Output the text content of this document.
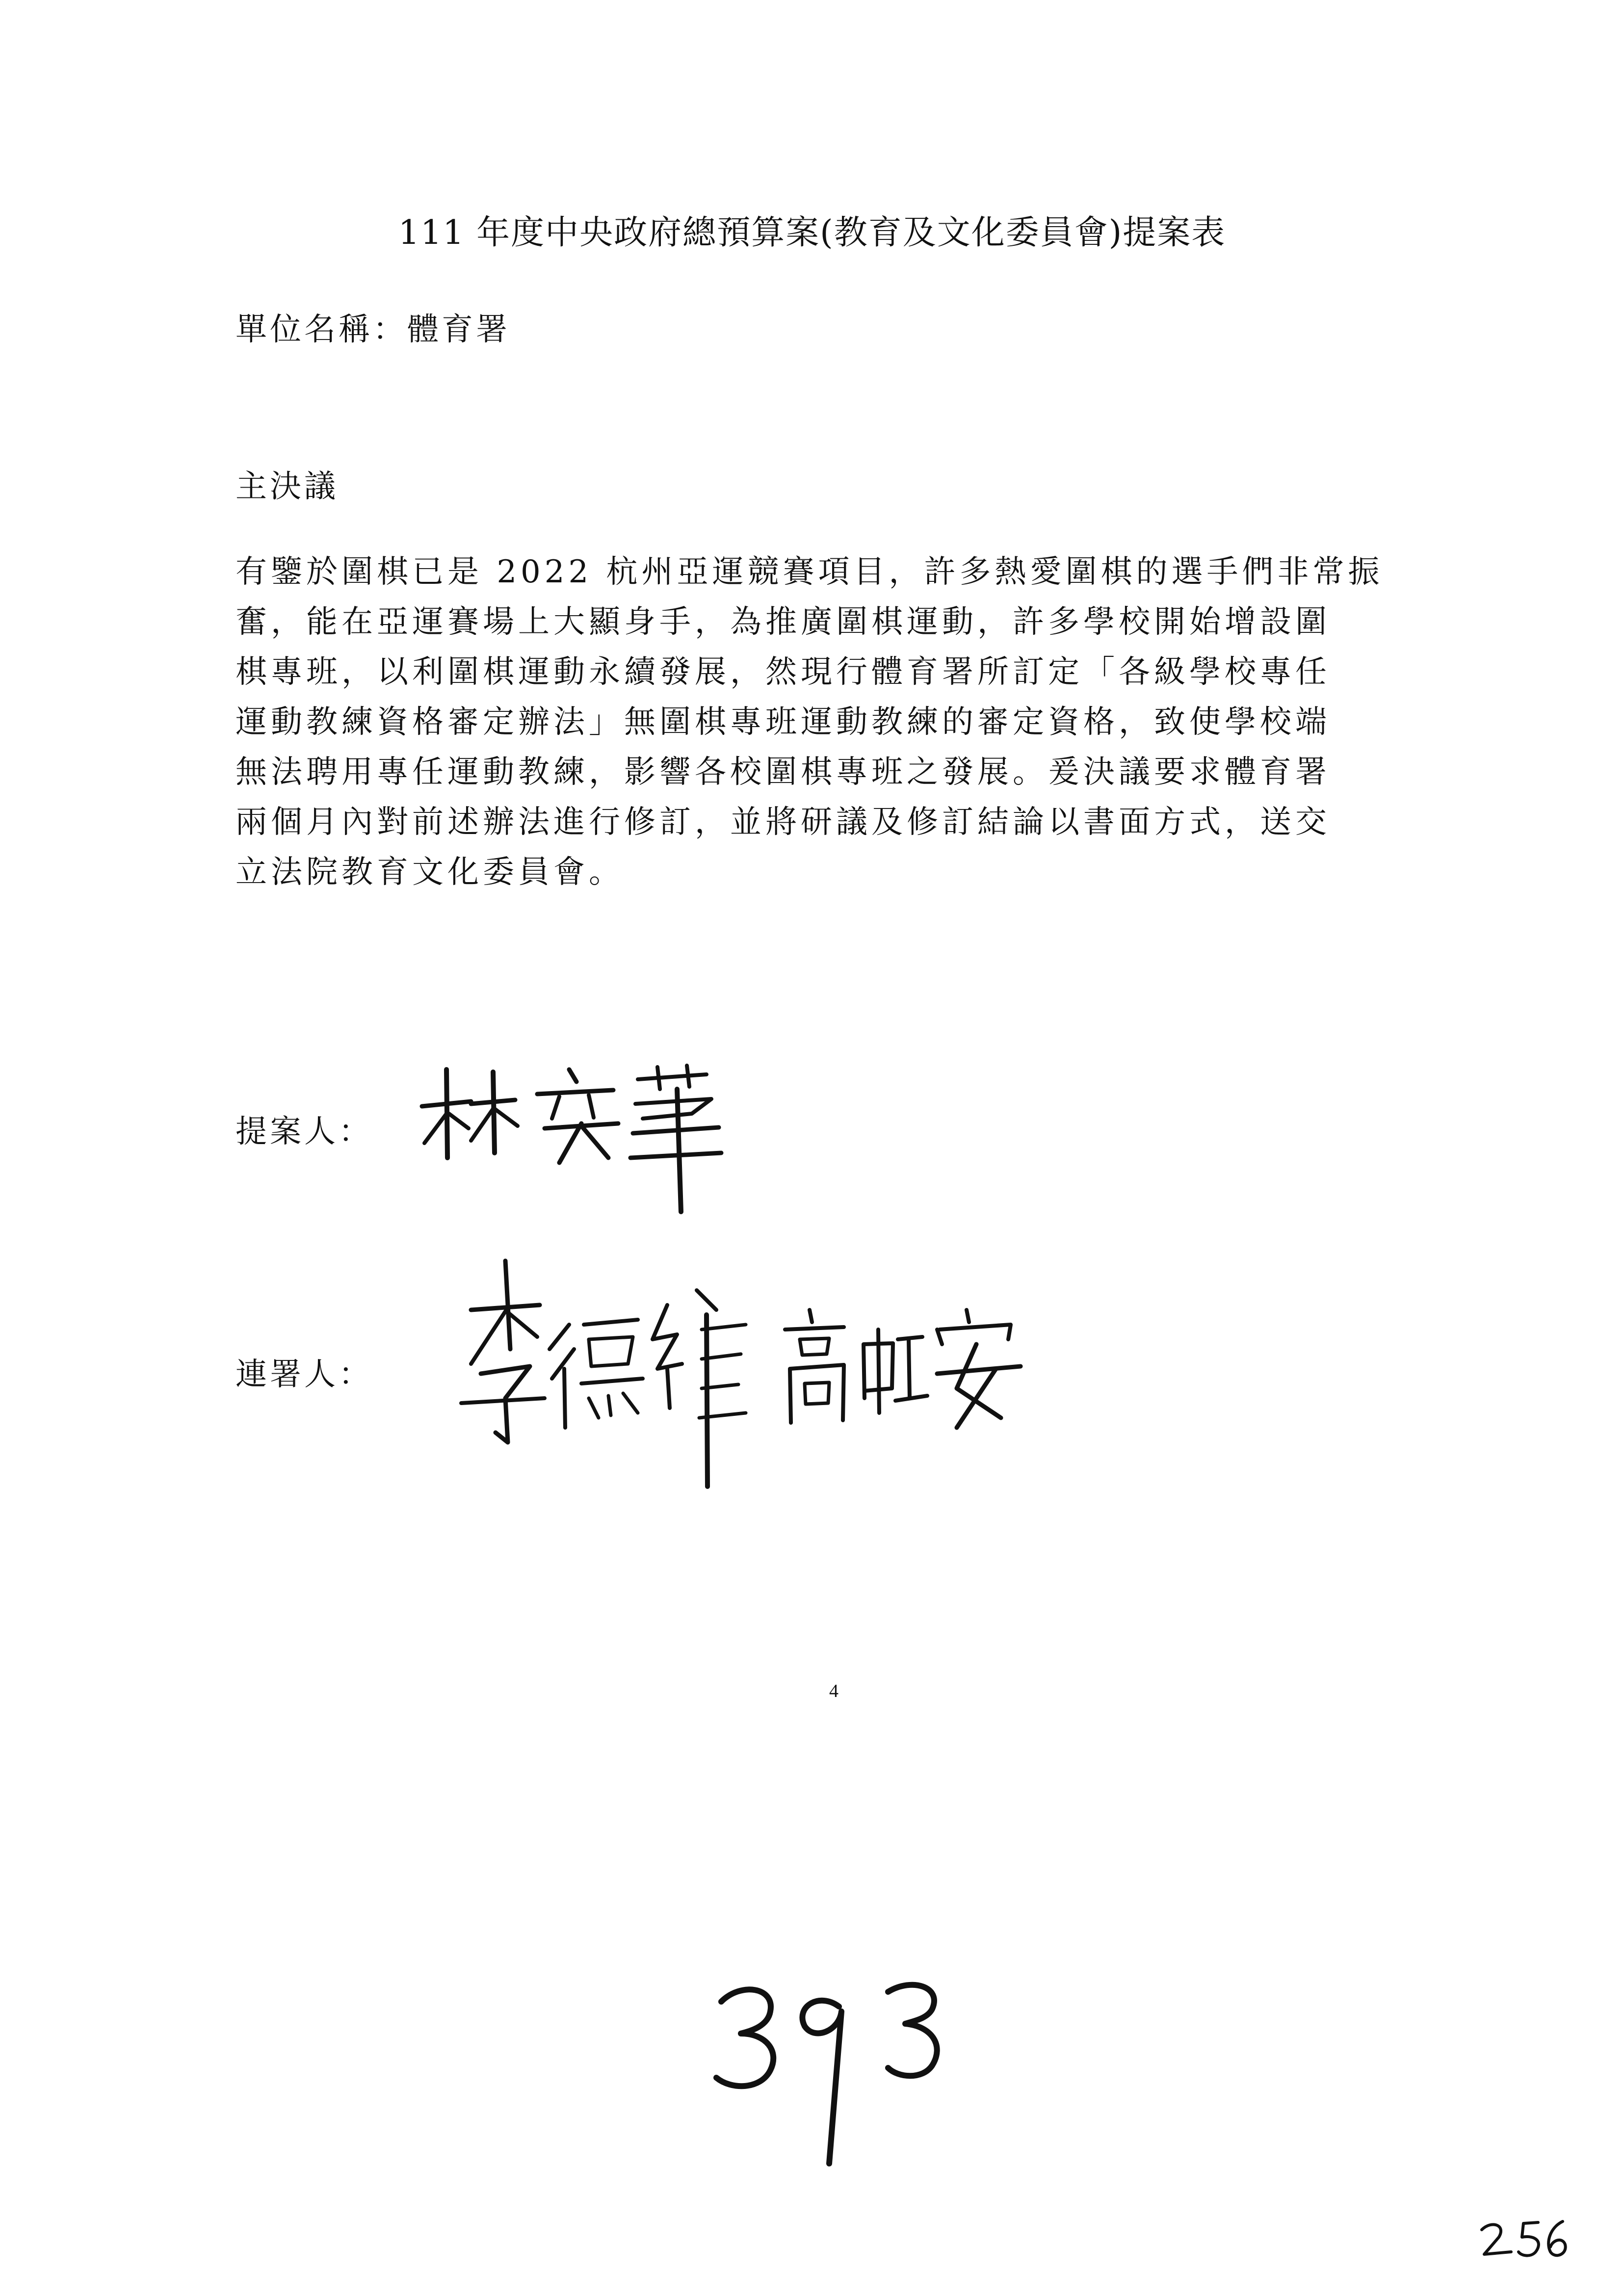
111 年度中央政府總預算案(教育及文化委員會)提案表
單位名稱：體育署
主決議
有鑒於圍棋已是 2022 杭州亞運競賽項目，許多熱愛圍棋的選手們非常振
奮，能在亞運賽場上大顯身手，為推廣圍棋運動，許多學校開始增設圍
棋專班，以利圍棋運動永續發展，然現行體育署所訂定「各級學校專任
運動教練資格審定辦法」無圍棋專班運動教練的審定資格，致使學校端
無法聘用專任運動教練，影響各校圍棋專班之發展。爰決議要求體育署
兩個月內對前述辦法進行修訂，並將研議及修訂結論以書面方式，送交
立法院教育文化委員會。
提案人：
連署人：
4
